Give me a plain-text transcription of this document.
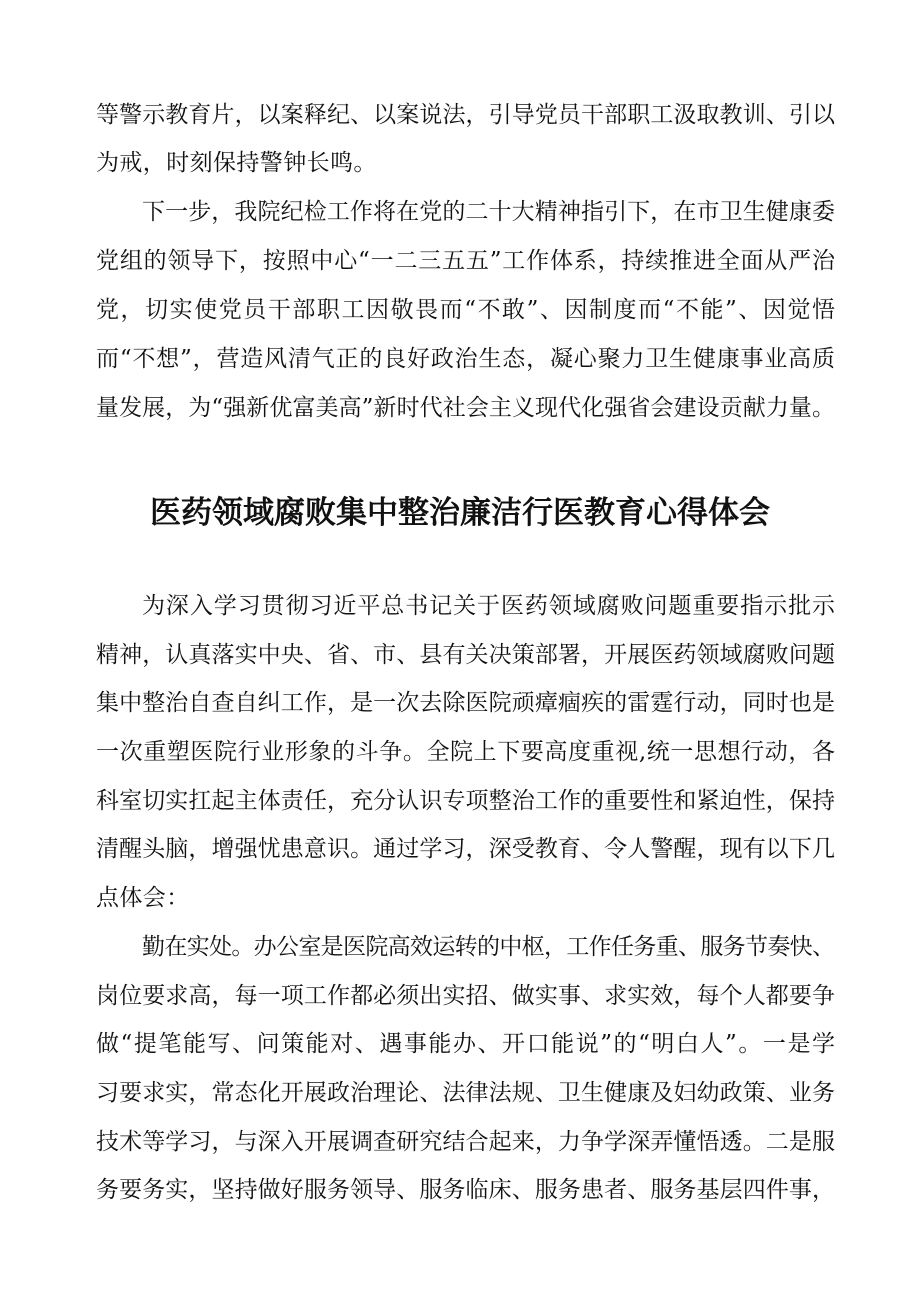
等警示教育片，以案释纪、以案说法，引导党员干部职工汲取教训、引以
为戒，时刻保持警钟长鸣。
下一步，我院纪检工作将在党的二十大精神指引下，在市卫生健康委
党组的领导下，按照中心“一二三五五”工作体系，持续推进全面从严治
党，切实使党员干部职工因敬畏而“不敢”、因制度而“不能”、因觉悟
而“不想”，营造风清气正的良好政治生态，凝心聚力卫生健康事业高质
量发展，为“强新优富美高”新时代社会主义现代化强省会建设贡献力量。
医药领域腐败集中整治廉洁行医教育心得体会
为深入学习贯彻习近平总书记关于医药领域腐败问题重要指示批示
精神，认真落实中央、省、市、县有关决策部署，开展医药领域腐败问题
集中整治自查自纠工作，是一次去除医院顽瘴痼疾的雷霆行动，同时也是
一次重塑医院行业形象的斗争。全院上下要高度重视,统一思想行动，各
科室切实扛起主体责任，充分认识专项整治工作的重要性和紧迫性，保持
清醒头脑，增强忧患意识。通过学习，深受教育、令人警醒，现有以下几
点体会：
勤在实处。办公室是医院高效运转的中枢，工作任务重、服务节奏快、
岗位要求高，每一项工作都必须出实招、做实事、求实效，每个人都要争
做“提笔能写、问策能对、遇事能办、开口能说”的“明白人”。一是学
习要求实，常态化开展政治理论、法律法规、卫生健康及妇幼政策、业务
技术等学习，与深入开展调查研究结合起来，力争学深弄懂悟透。二是服
务要务实，坚持做好服务领导、服务临床、服务患者、服务基层四件事，
